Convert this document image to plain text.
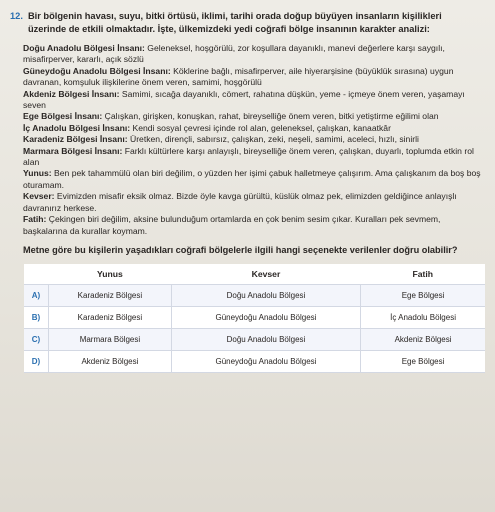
12. Bir bölgenin havası, suyu, bitki örtüsü, iklimi, tarihi orada doğup büyüyen insanların kişilikleri üzerinde de etkili olmaktadır. İşte, ülkemizdeki yedi coğrafi bölge insanının karakter analizi:

Doğu Anadolu Bölgesi İnsanı: Geleneksel, hoşgörülü, zor koşullara dayanıklı, manevi değerlere karşı saygılı, misafirperver, kararlı, açık sözlü

Güneydoğu Anadolu Bölgesi İnsanı: Köklerine bağlı, misafirperver, aile hiyerarşisine (büyüklük sırasına) uygun davranan, komşuluk ilişkilerine önem veren, samimi, hoşgörülü

Akdeniz Bölgesi İnsanı: Samimi, sıcağa dayanıklı, cömert, rahatına düşkün, yeme - içmeye önem veren, yaşamayı seven

Ege Bölgesi İnsanı: Çalışkan, girişken, konuşkan, rahat, bireyselliğe önem veren, bitki yetiştirme eğilimi olan

İç Anadolu Bölgesi İnsanı: Kendi sosyal çevresi içinde rol alan, geleneksel, çalışkan, kanaatkâr

Karadeniz Bölgesi İnsanı: Üretken, dirençli, sabırsız, çalışkan, zeki, neşeli, samimi, aceleci, hızlı, sinirli

Marmara Bölgesi İnsanı: Farklı kültürlere karşı anlayışlı, bireyselliğe önem veren, çalışkan, duyarlı, toplumda etkin rol alan

Yunus: Ben pek tahammülü olan biri değilim, o yüzden her işimi çabuk halletmeye çalışırım. Ama çalışkanım da boş boş oturamam.

Kevser: Evimizden misafir eksik olmaz. Bizde öyle kavga gürültü, küslük olmaz pek, elimizden geldiğince anlayışlı davranırız herkese.

Fatih: Çekingen biri değilim, aksine bulunduğum ortamlarda en çok benim sesim çıkar. Kuralları pek sevmem, başkalarına da kurallar koymam.

Metne göre bu kişilerin yaşadıkları coğrafi bölgelerle ilgili hangi seçenekte verilenler doğru olabilir?
	Yunus	Kevser	Fatih
A)	Karadeniz Bölgesi	Doğu Anadolu Bölgesi	Ege Bölgesi
B)	Karadeniz Bölgesi	Güneydoğu Anadolu Bölgesi	İç Anadolu Bölgesi
C)	Marmara Bölgesi	Doğu Anadolu Bölgesi	Akdeniz Bölgesi
D)	Akdeniz Bölgesi	Güneydoğu Anadolu Bölgesi	Ege Bölgesi
